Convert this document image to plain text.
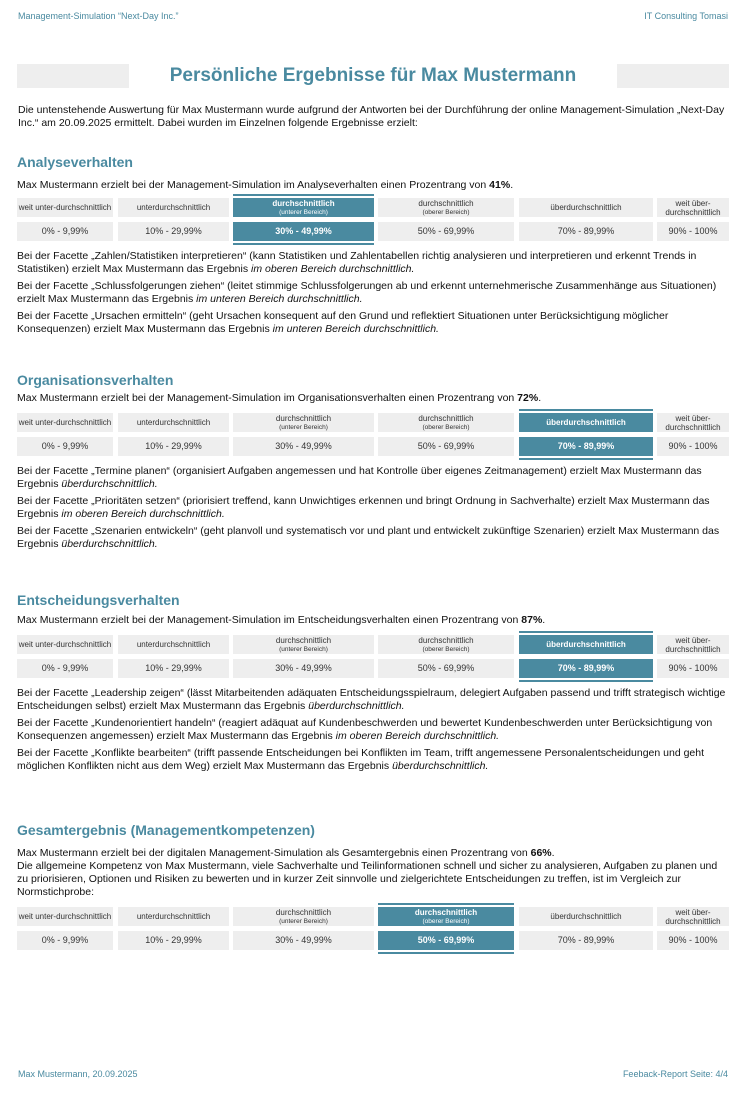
Management-Simulation “Next-Day Inc.”	IT Consulting Tomasi
Persönliche Ergebnisse für Max Mustermann
Die untenstehende Auswertung für Max Mustermann wurde aufgrund der Antworten bei der Durchführung der online Management-Simulation „Next-Day Inc.“ am 20.09.2025 ermittelt. Dabei wurden im Einzelnen folgende Ergebnisse erzielt:
Analyseverhalten

Max Mustermann erzielt bei der Management-Simulation im Analyseverhalten einen Prozentrang von 41%.

weit unter-durchschnittlich
0% - 9,99%
unterdurchschnittlich
10% - 29,99%
durchschnittlich
(unterer Bereich)
30% - 49,99%
durchschnittlich
(oberer Bereich)
50% - 69,99%
überdurchschnittlich
70% - 89,99%
weit über-durchschnittlich
90% - 100%

Bei der Facette „Zahlen/Statistiken interpretieren“ (kann Statistiken und Zahlentabellen richtig analysieren und interpretieren und erkennt Trends in Statistiken) erzielt Max Mustermann das Ergebnis im oberen Bereich durchschnittlich.

Bei der Facette „Schlussfolgerungen ziehen“ (leitet stimmige Schlussfolgerungen ab und erkennt unternehmerische Zusammenhänge aus Situationen) erzielt Max Mustermann das Ergebnis im unteren Bereich durchschnittlich.

Bei der Facette „Ursachen ermitteln“ (geht Ursachen konsequent auf den Grund und reflektiert Situationen unter Berücksichtigung möglicher Konsequenzen) erzielt Max Mustermann das Ergebnis im unteren Bereich durchschnittlich.

Organisationsverhalten

Max Mustermann erzielt bei der Management-Simulation im Organisationsverhalten einen Prozentrang von 72%.

weit unter-durchschnittlich
0% - 9,99%
unterdurchschnittlich
10% - 29,99%
durchschnittlich
(unterer Bereich)
30% - 49,99%
durchschnittlich
(oberer Bereich)
50% - 69,99%
überdurchschnittlich
70% - 89,99%
weit über-durchschnittlich
90% - 100%

Bei der Facette „Termine planen“ (organisiert Aufgaben angemessen und hat Kontrolle über eigenes Zeitmanagement) erzielt Max Mustermann das Ergebnis überdurchschnittlich.

Bei der Facette „Prioritäten setzen“ (priorisiert treffend, kann Unwichtiges erkennen und bringt Ordnung in Sachverhalte) erzielt Max Mustermann das Ergebnis im oberen Bereich durchschnittlich.

Bei der Facette „Szenarien entwickeln“ (geht planvoll und systematisch vor und plant und entwickelt zukünftige Szenarien) erzielt Max Mustermann das Ergebnis überdurchschnittlich.

Entscheidungsverhalten

Max Mustermann erzielt bei der Management-Simulation im Entscheidungsverhalten einen Prozentrang von 87%.

weit unter-durchschnittlich
0% - 9,99%
unterdurchschnittlich
10% - 29,99%
durchschnittlich
(unterer Bereich)
30% - 49,99%
durchschnittlich
(oberer Bereich)
50% - 69,99%
überdurchschnittlich
70% - 89,99%
weit über-durchschnittlich
90% - 100%

Bei der Facette „Leadership zeigen“ (lässt Mitarbeitenden adäquaten Entscheidungsspielraum, delegiert Aufgaben passend und trifft strategisch wichtige Entscheidungen selbst) erzielt Max Mustermann das Ergebnis überdurchschnittlich.

Bei der Facette „Kundenorientiert handeln“ (reagiert adäquat auf Kundenbeschwerden und bewertet Kundenbeschwerden unter Berücksichtigung von Konsequenzen angemessen) erzielt Max Mustermann das Ergebnis im oberen Bereich durchschnittlich.

Bei der Facette „Konflikte bearbeiten“ (trifft passende Entscheidungen bei Konflikten im Team, trifft angemessene Personalentscheidungen und geht möglichen Konflikten nicht aus dem Weg) erzielt Max Mustermann das Ergebnis überdurchschnittlich.

Gesamtergebnis (Managementkompetenzen)

Max Mustermann erzielt bei der digitalen Management-Simulation als Gesamtergebnis einen Prozentrang von 66%.

Die allgemeine Kompetenz von Max Mustermann, viele Sachverhalte und Teilinformationen schnell und sicher zu analysieren, Aufgaben zu planen und zu priorisieren, Optionen und Risiken zu bewerten und in kurzer Zeit sinnvolle und zielgerichtete Entscheidungen zu treffen, ist im Vergleich zur Normstichprobe:

weit unter-durchschnittlich
0% - 9,99%
unterdurchschnittlich
10% - 29,99%
durchschnittlich
(unterer Bereich)
30% - 49,99%
durchschnittlich
(oberer Bereich)
50% - 69,99%
überdurchschnittlich
70% - 89,99%
weit über-durchschnittlich
90% - 100%
Max Mustermann, 20.09.2025	Feeback-Report Seite: 4/4
